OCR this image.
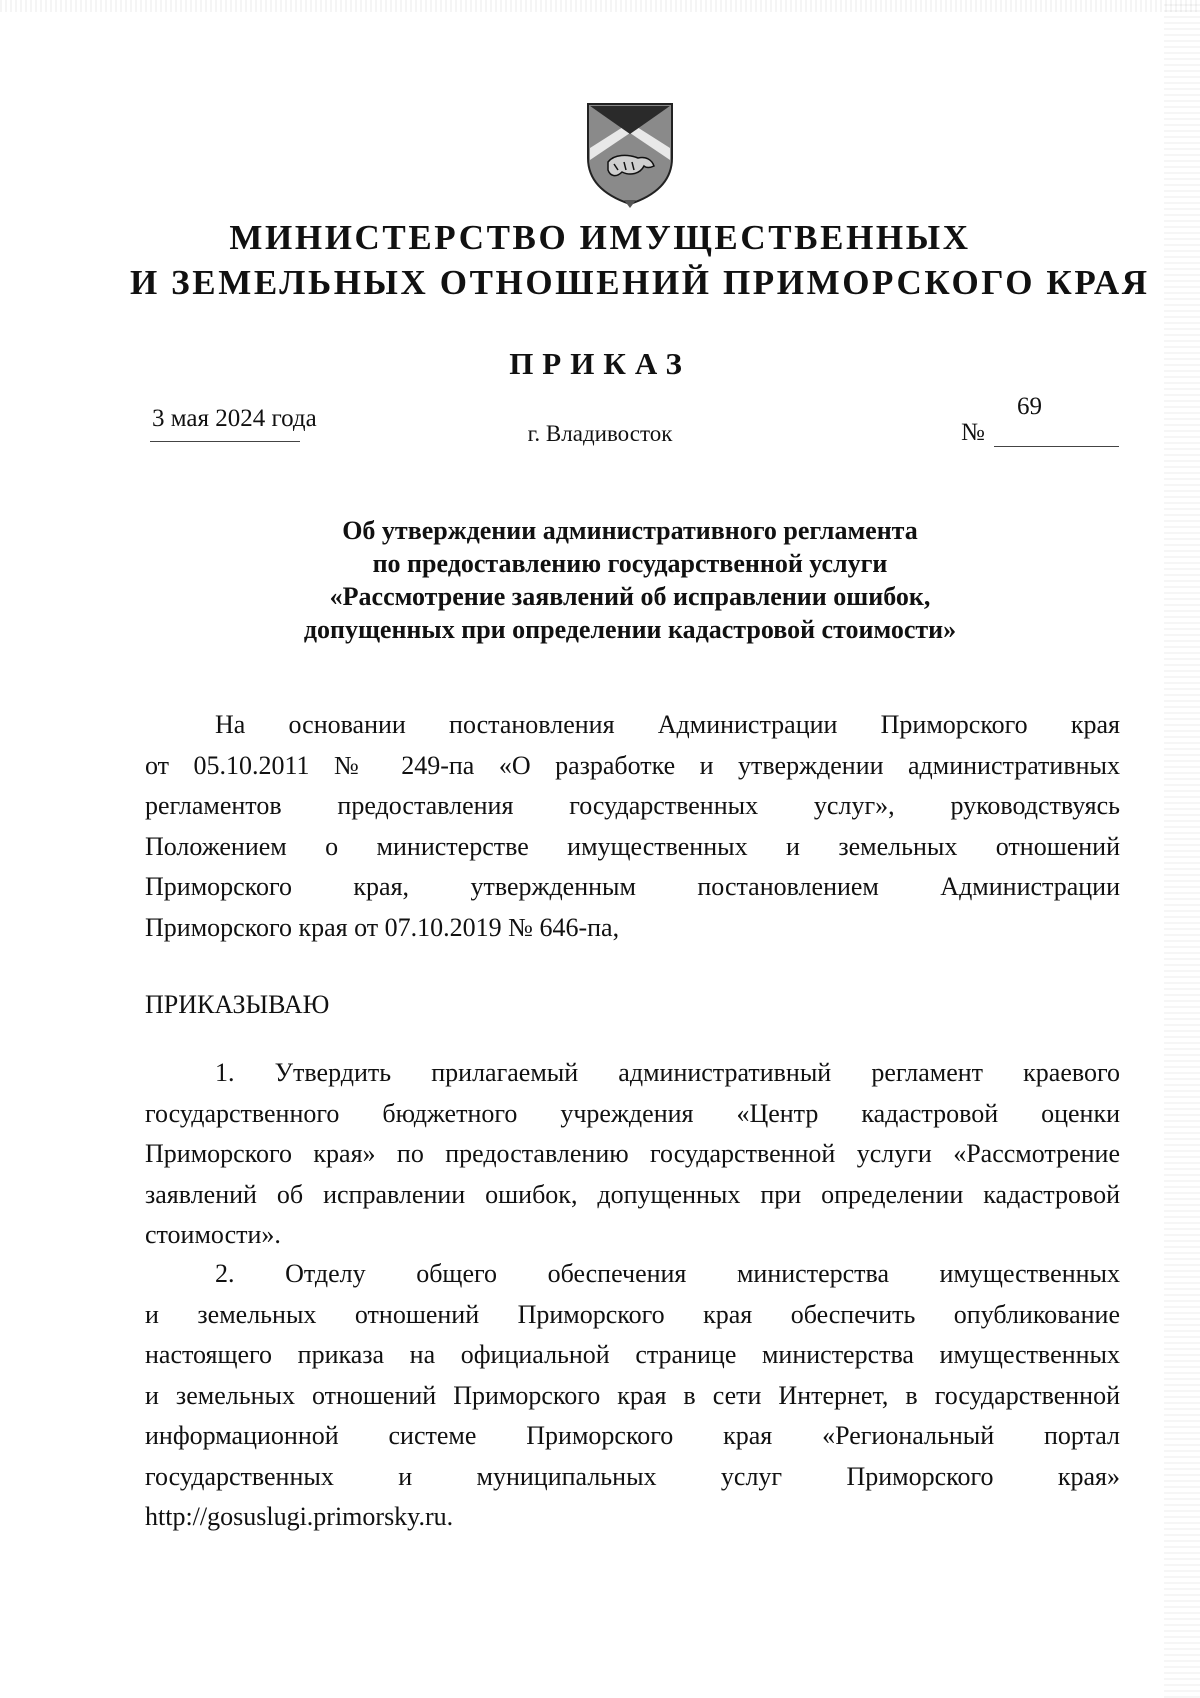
МИНИСТЕРСТВО ИМУЩЕСТВЕННЫХ
И ЗЕМЕЛЬНЫХ ОТНОШЕНИЙ ПРИМОРСКОГО КРАЯ
ПРИКАЗ
3 мая 2024 года
г. Владивосток	№
69
Об утверждении административного регламента
по предоставлению государственной услуги
«Рассмотрение заявлений об исправлении ошибок,
допущенных при определении кадастровой стоимости»
На основании постановления Администрации Приморского края
от 05.10.2011 № 249-па «О разработке и утверждении административных
регламентов предоставления государственных услуг», руководствуясь
Положением о министерстве имущественных и земельных отношений
Приморского края, утвержденным постановлением Администрации
Приморского края от 07.10.2019 № 646-па,
ПРИКАЗЫВАЮ
1. Утвердить прилагаемый административный регламент краевого
государственного бюджетного учреждения «Центр кадастровой оценки
Приморского края» по предоставлению государственной услуги «Рассмотрение
заявлений об исправлении ошибок, допущенных при определении кадастровой
стоимости».
2. Отделу общего обеспечения министерства имущественных
и земельных отношений Приморского края обеспечить опубликование
настоящего приказа на официальной странице министерства имущественных
и земельных отношений Приморского края в сети Интернет, в государственной
информационной системе Приморского края «Региональный портал
государственных и муниципальных услуг Приморского края»
http://gosuslugi.primorsky.ru.
